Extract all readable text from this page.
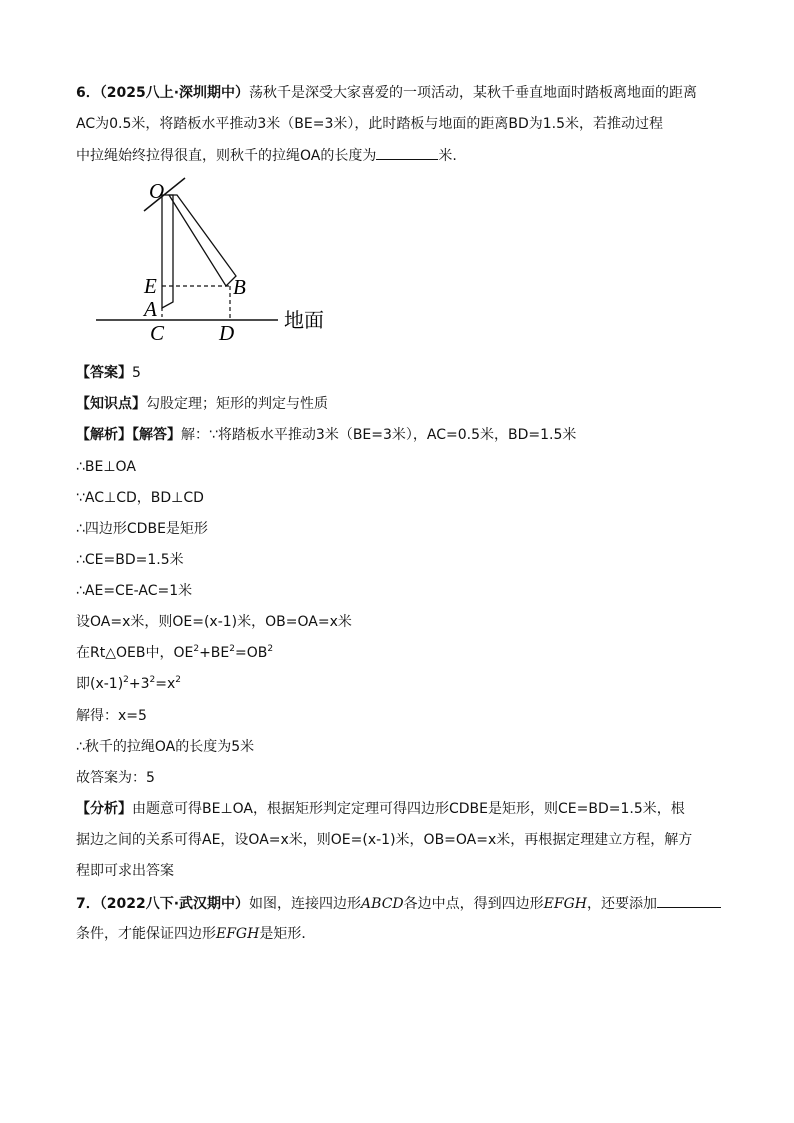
6．（2025八上·深圳期中）荡秋千是深受大家喜爱的一项活动，某秋千垂直地面时踏板离地面的距离
AC为0.5米，将踏板水平推动3米（BE=3米），此时踏板与地面的距离BD为1.5米，若推动过程
中拉绳始终拉得很直，则秋千的拉绳OA的长度为	米.
O
E
A
B
C	D
地面
【答案】5
【知识点】勾股定理；矩形的判定与性质
【解析】【解答】解：∵将踏板水平推动3米（BE=3米），AC=0.5米，BD=1.5米
∴BE⊥OA
∵AC⊥CD，BD⊥CD
∴四边形CDBE是矩形
∴CE=BD=1.5米
∴AE=CE-AC=1米
设OA=x米，则OE=(x-1)米，OB=OA=x米
在Rt△OEB中，$OE^2+BE^2=OB^2$
即$(x-1)^2+3^2=x^2$
解得：x=5
∴秋千的拉绳OA的长度为5米
故答案为：5
【分析】由题意可得BE⊥OA，根据矩形判定定理可得四边形CDBE是矩形，则CE=BD=1.5米，根
据边之间的关系可得AE，设OA=x米，则OE=(x-1)米，OB=OA=x米，再根据定理建立方程，解方
程即可求出答案
7．（2022八下·武汉期中）如图，连接四边形ABCD各边中点，得到四边形EFGH，还要添加
条件，才能保证四边形EFGH是矩形．
